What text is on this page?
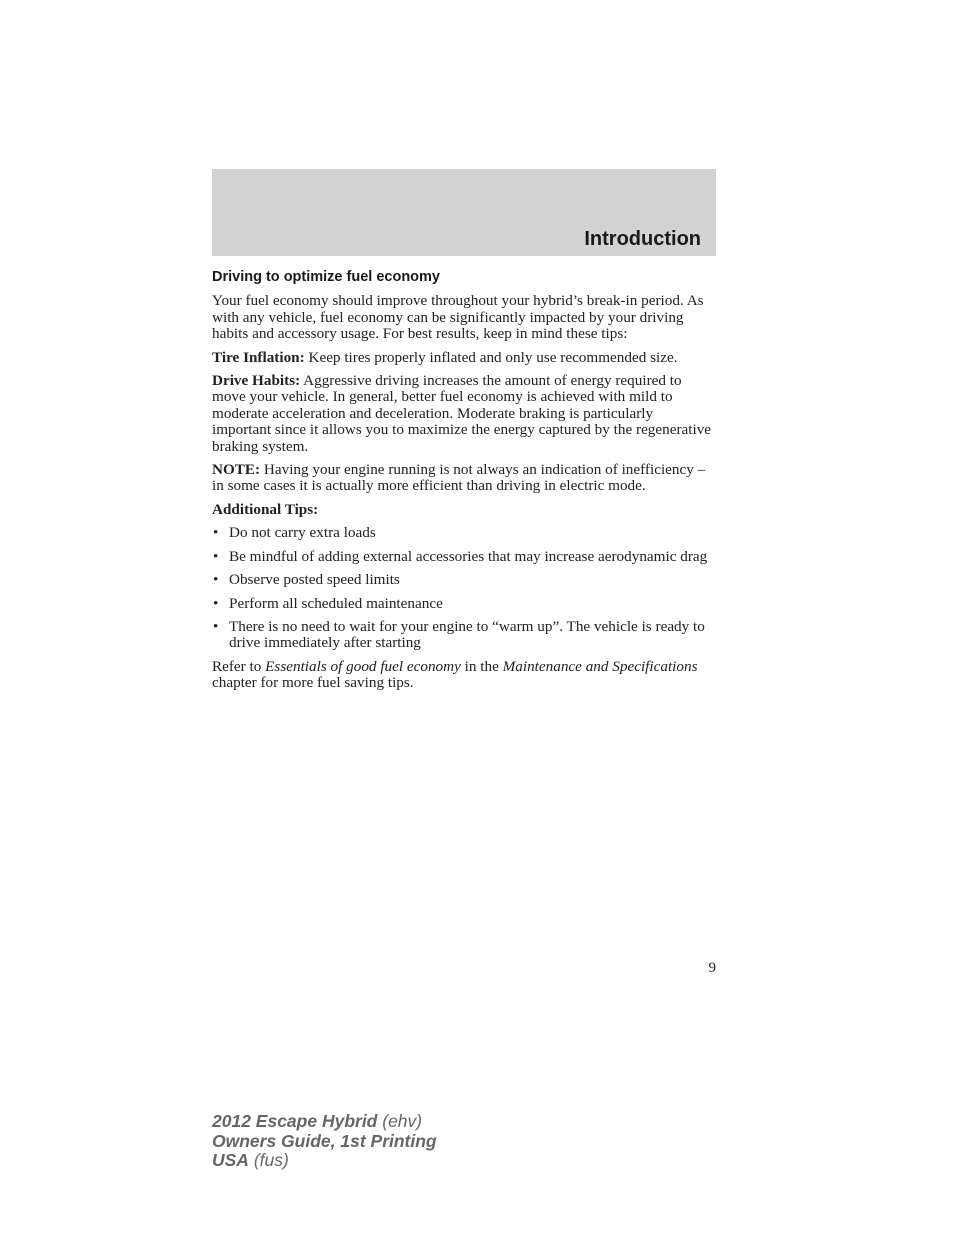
Introduction
Driving to optimize fuel economy

Your fuel economy should improve throughout your hybrid’s break-in period. As with any vehicle, fuel economy can be significantly impacted by your driving habits and accessory usage. For best results, keep in mind these tips:

Tire Inflation: Keep tires properly inflated and only use recommended size.

Drive Habits: Aggressive driving increases the amount of energy required to move your vehicle. In general, better fuel economy is achieved with mild to moderate acceleration and deceleration. Moderate braking is particularly important since it allows you to maximize the energy captured by the regenerative braking system.

NOTE: Having your engine running is not always an indication of inefficiency – in some cases it is actually more efficient than driving in electric mode.

Additional Tips:

• Do not carry extra loads
• Be mindful of adding external accessories that may increase aerodynamic drag
• Observe posted speed limits
• Perform all scheduled maintenance
• There is no need to wait for your engine to “warm up”. The vehicle is ready to drive immediately after starting

Refer to Essentials of good fuel economy in the Maintenance and Specifications chapter for more fuel saving tips.

9
2012 Escape Hybrid (ehv)
Owners Guide, 1st Printing
USA (fus)
